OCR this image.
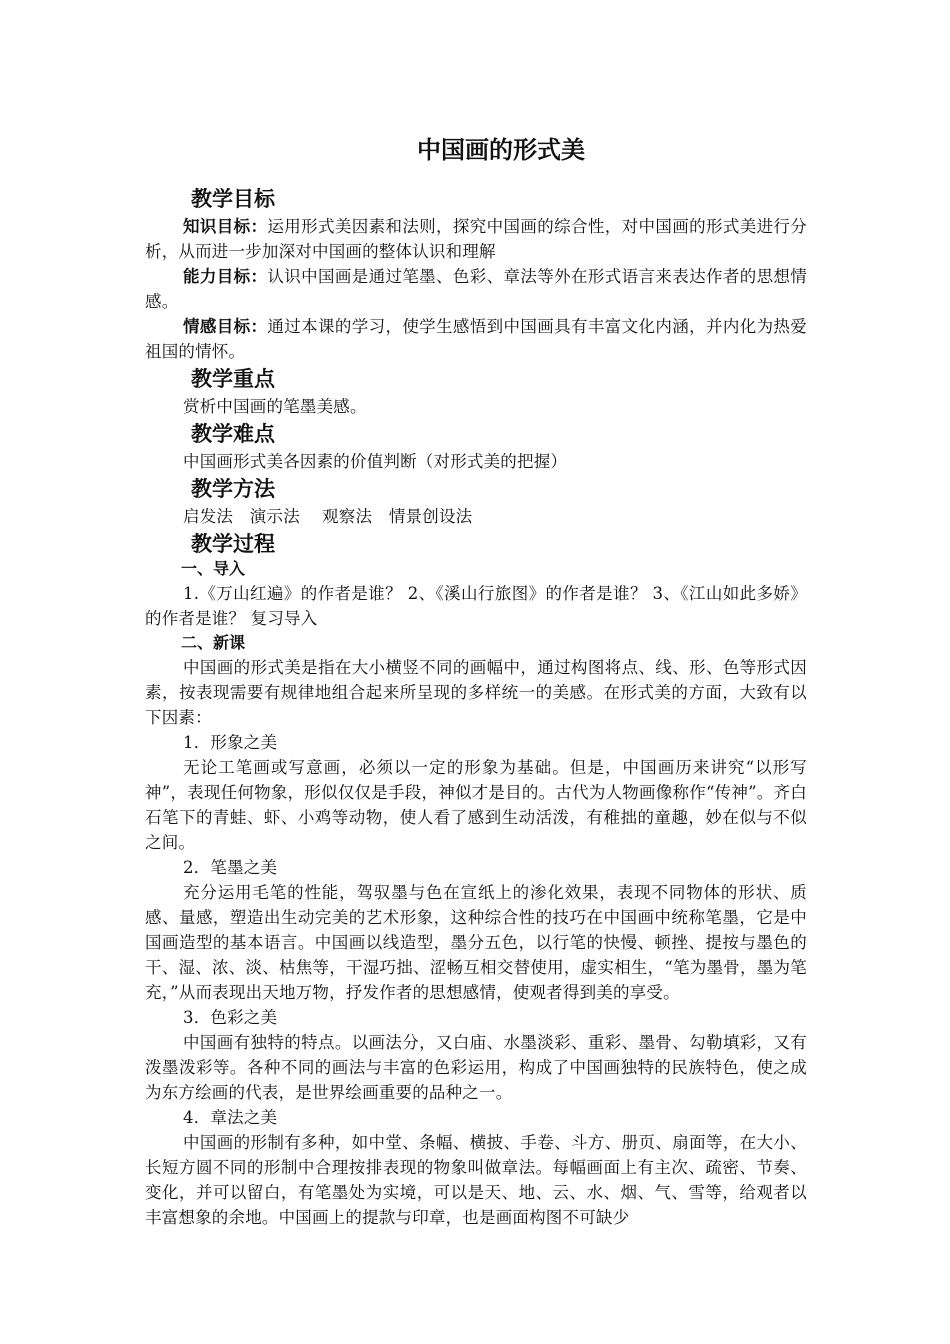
中国画的形式美
教学目标

知识目标：运用形式美因素和法则，探究中国画的综合性，对中国画的形式美进行分析，从而进一步加深对中国画的整体认识和理解

能力目标：认识中国画是通过笔墨、色彩、章法等外在形式语言来表达作者的思想情感。

情感目标：通过本课的学习，使学生感悟到中国画具有丰富文化内涵，并内化为热爱祖国的情怀。

教学重点

赏析中国画的笔墨美感。

教学难点

中国画形式美各因素的价值判断（对形式美的把握）

教学方法

启发法　演示法　 观察法　情景创设法

教学过程
一、导入

1.《万山红遍》的作者是谁？ 2、《溪山行旅图》的作者是谁？ 3、《江山如此多娇》的作者是谁？ 复习导入

二、新课

中国画的形式美是指在大小横竖不同的画幅中，通过构图将点、线、形、色等形式因素，按表现需要有规律地组合起来所呈现的多样统一的美感。在形式美的方面，大致有以下因素：

1．形象之美

无论工笔画或写意画，必须以一定的形象为基础。但是，中国画历来讲究“以形写神”，表现任何物象，形似仅仅是手段，神似才是目的。古代为人物画像称作“传神”。齐白石笔下的青蛙、虾、小鸡等动物，使人看了感到生动活泼，有稚拙的童趣，妙在似与不似之间。

2．笔墨之美

充分运用毛笔的性能，驾驭墨与色在宣纸上的渗化效果，表现不同物体的形状、质感、量感，塑造出生动完美的艺术形象，这种综合性的技巧在中国画中统称笔墨，它是中国画造型的基本语言。中国画以线造型，墨分五色，以行笔的快慢、顿挫、提按与墨色的干、湿、浓、淡、枯焦等，干湿巧拙、涩畅互相交替使用，虚实相生，“笔为墨骨，墨为笔充，”从而表现出天地万物，抒发作者的思想感情，使观者得到美的享受。

3．色彩之美

中国画有独特的特点。以画法分，又白庙、水墨淡彩、重彩、墨骨、勾勒填彩，又有泼墨泼彩等。各种不同的画法与丰富的色彩运用，构成了中国画独特的民族特色，使之成为东方绘画的代表，是世界绘画重要的品种之一。

4．章法之美

中国画的形制有多种，如中堂、条幅、横披、手卷、斗方、册页、扇面等，在大小、长短方圆不同的形制中合理按排表现的物象叫做章法。每幅画面上有主次、疏密、节奏、变化，并可以留白，有笔墨处为实境，可以是天、地、云、水、烟、气、雪等，给观者以丰富想象的余地。中国画上的提款与印章，也是画面构图不可缺少
